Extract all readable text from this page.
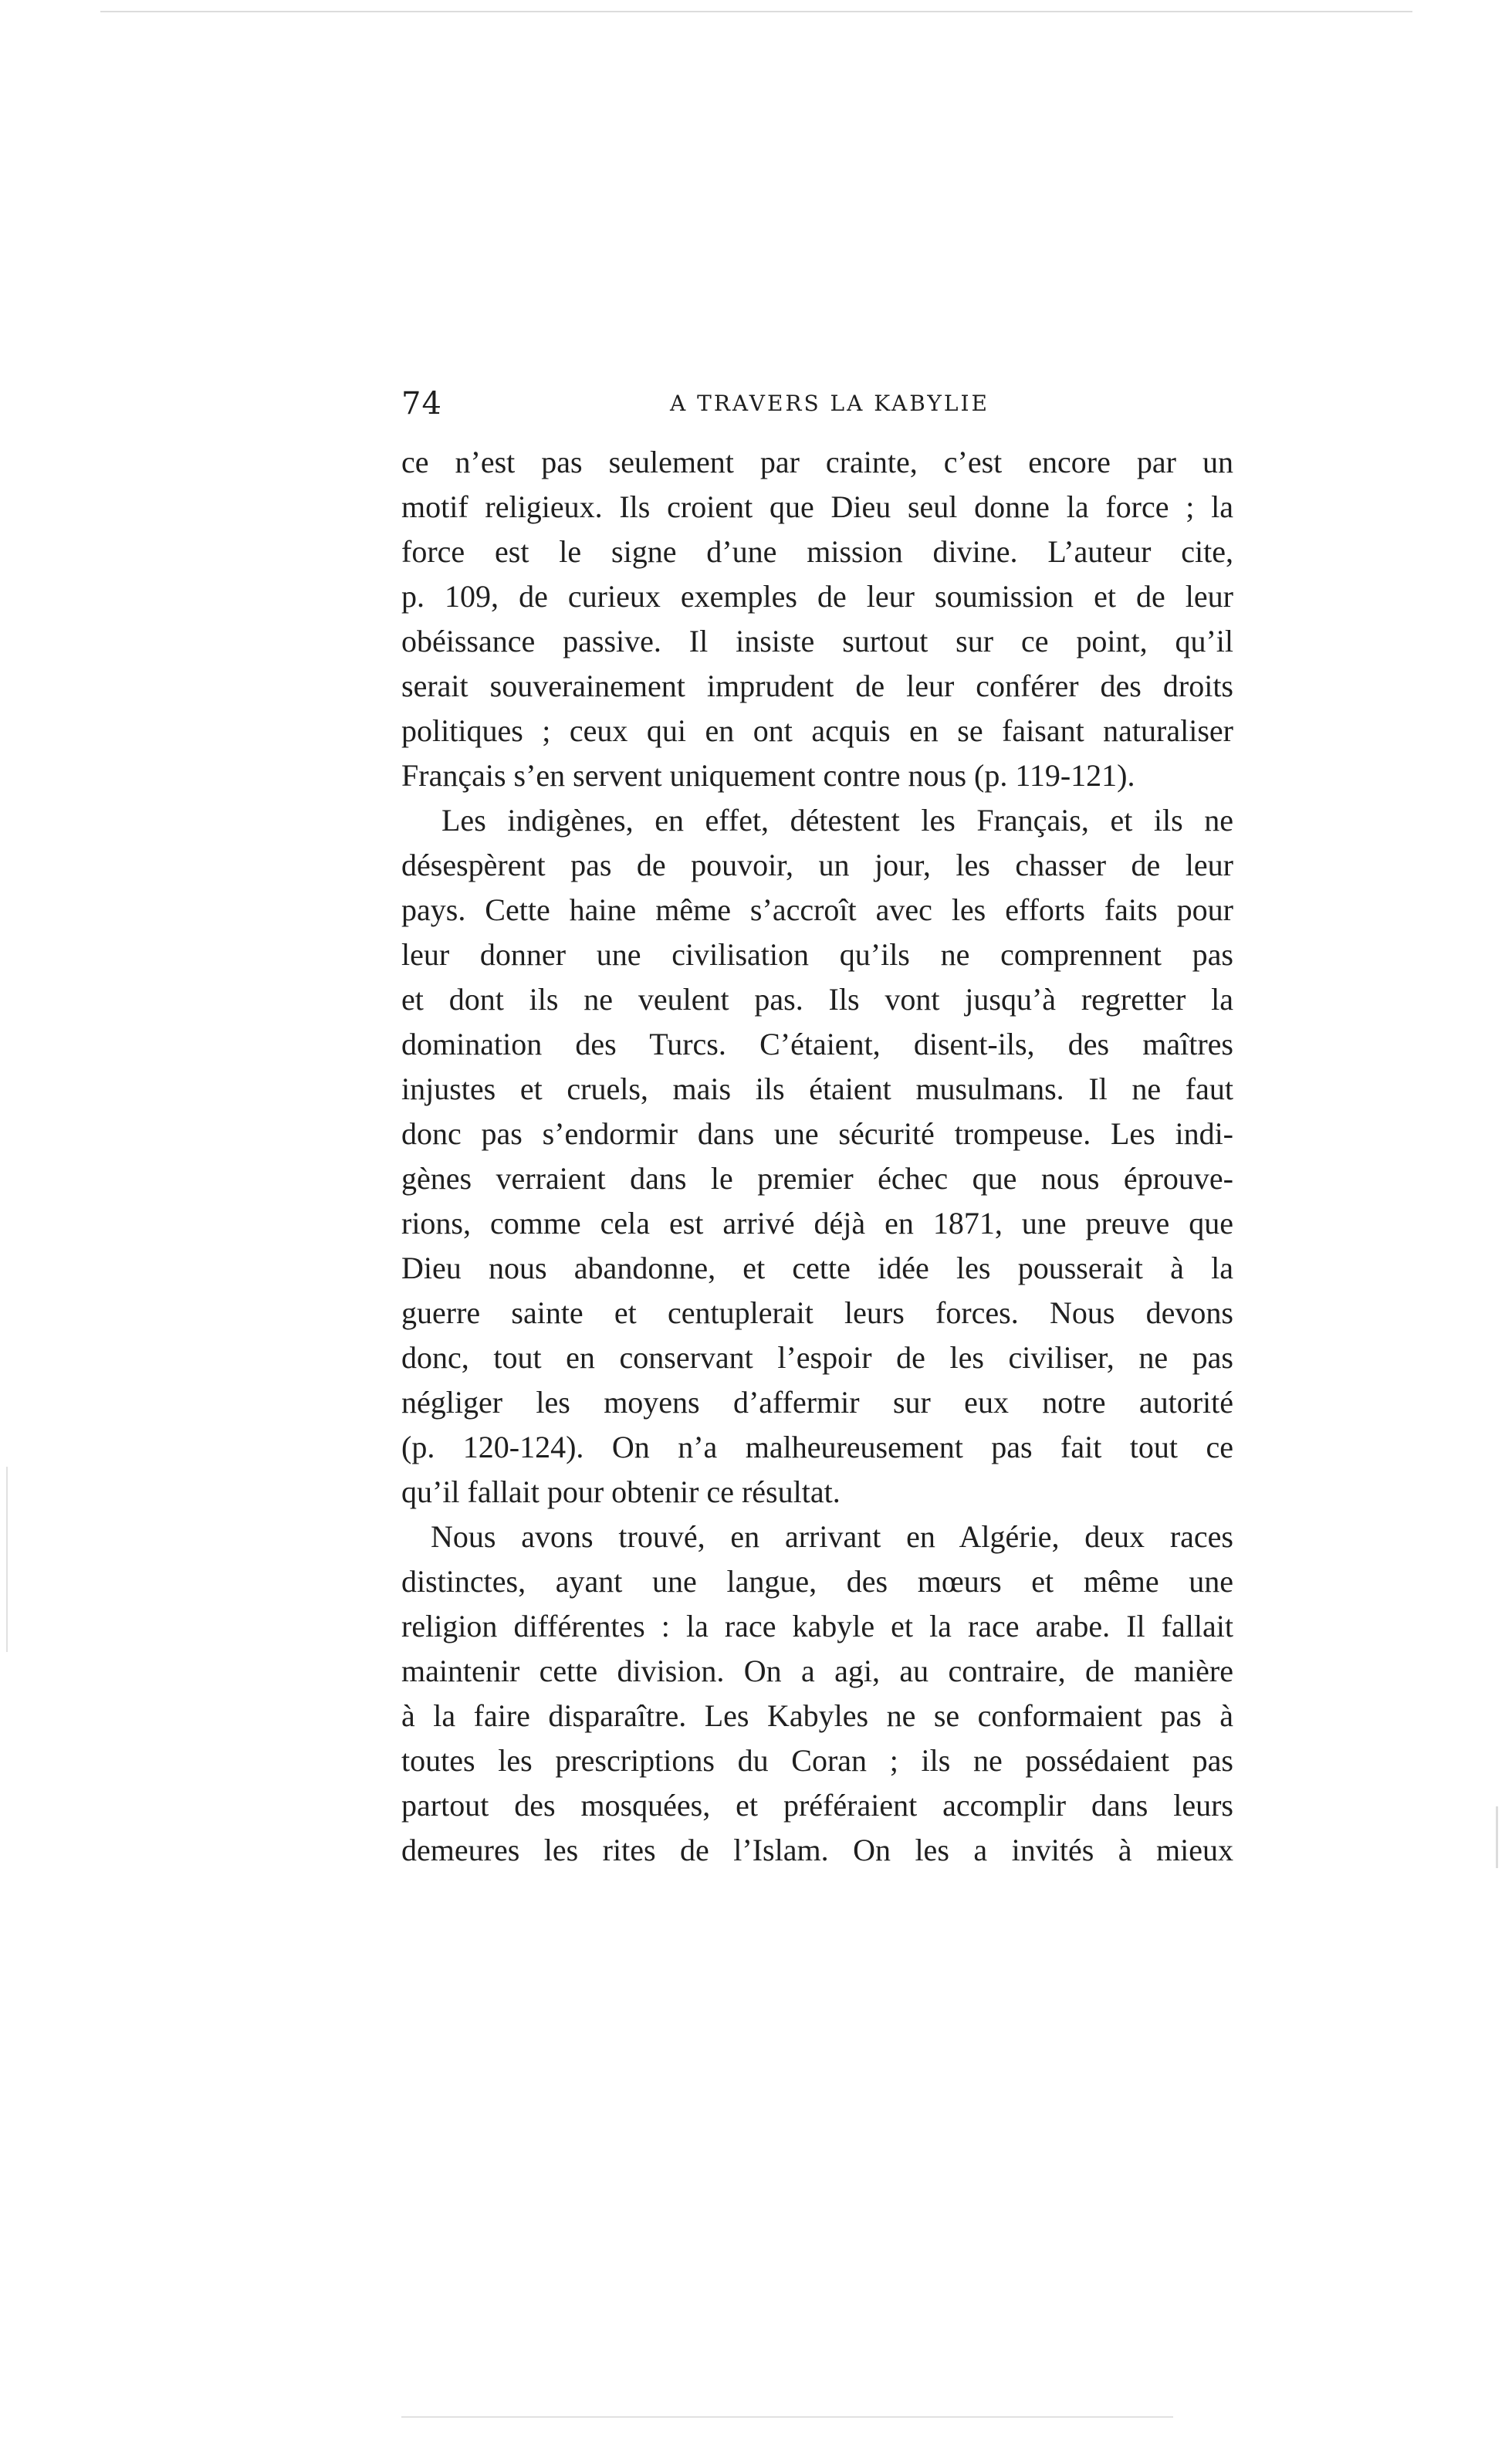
74	A TRAVERS LA KABYLIE
ce n’est pas seulement par crainte, c’est encore par un
motif religieux. Ils croient que Dieu seul donne la force ; la
force est le signe d’une mission divine. L’auteur cite,
p. 109, de curieux exemples de leur soumission et de leur
obéissance passive. Il insiste surtout sur ce point, qu’il
serait souverainement imprudent de leur conférer des droits
politiques ; ceux qui en ont acquis en se faisant naturaliser
Français s’en servent uniquement contre nous (p. 119-121).
Les indigènes, en effet, détestent les Français, et ils ne
désespèrent pas de pouvoir, un jour, les chasser de leur
pays. Cette haine même s’accroît avec les efforts faits pour
leur donner une civilisation qu’ils ne comprennent pas
et dont ils ne veulent pas. Ils vont jusqu’à regretter la
domination des Turcs. C’étaient, disent-ils, des maîtres
injustes et cruels, mais ils étaient musulmans. Il ne faut
donc pas s’endormir dans une sécurité trompeuse. Les indi-
gènes verraient dans le premier échec que nous éprouve-
rions, comme cela est arrivé déjà en 1871, une preuve que
Dieu nous abandonne, et cette idée les pousserait à la
guerre sainte et centuplerait leurs forces. Nous devons
donc, tout en conservant l’espoir de les civiliser, ne pas
négliger les moyens d’affermir sur eux notre autorité
(p. 120-124). On n’a malheureusement pas fait tout ce
qu’il fallait pour obtenir ce résultat.
Nous avons trouvé, en arrivant en Algérie, deux races
distinctes, ayant une langue, des mœurs et même une
religion différentes : la race kabyle et la race arabe. Il fallait
maintenir cette division. On a agi, au contraire, de manière
à la faire disparaître. Les Kabyles ne se conformaient pas à
toutes les prescriptions du Coran ; ils ne possédaient pas
partout des mosquées, et préféraient accomplir dans leurs
demeures les rites de l’Islam. On les a invités à mieux
